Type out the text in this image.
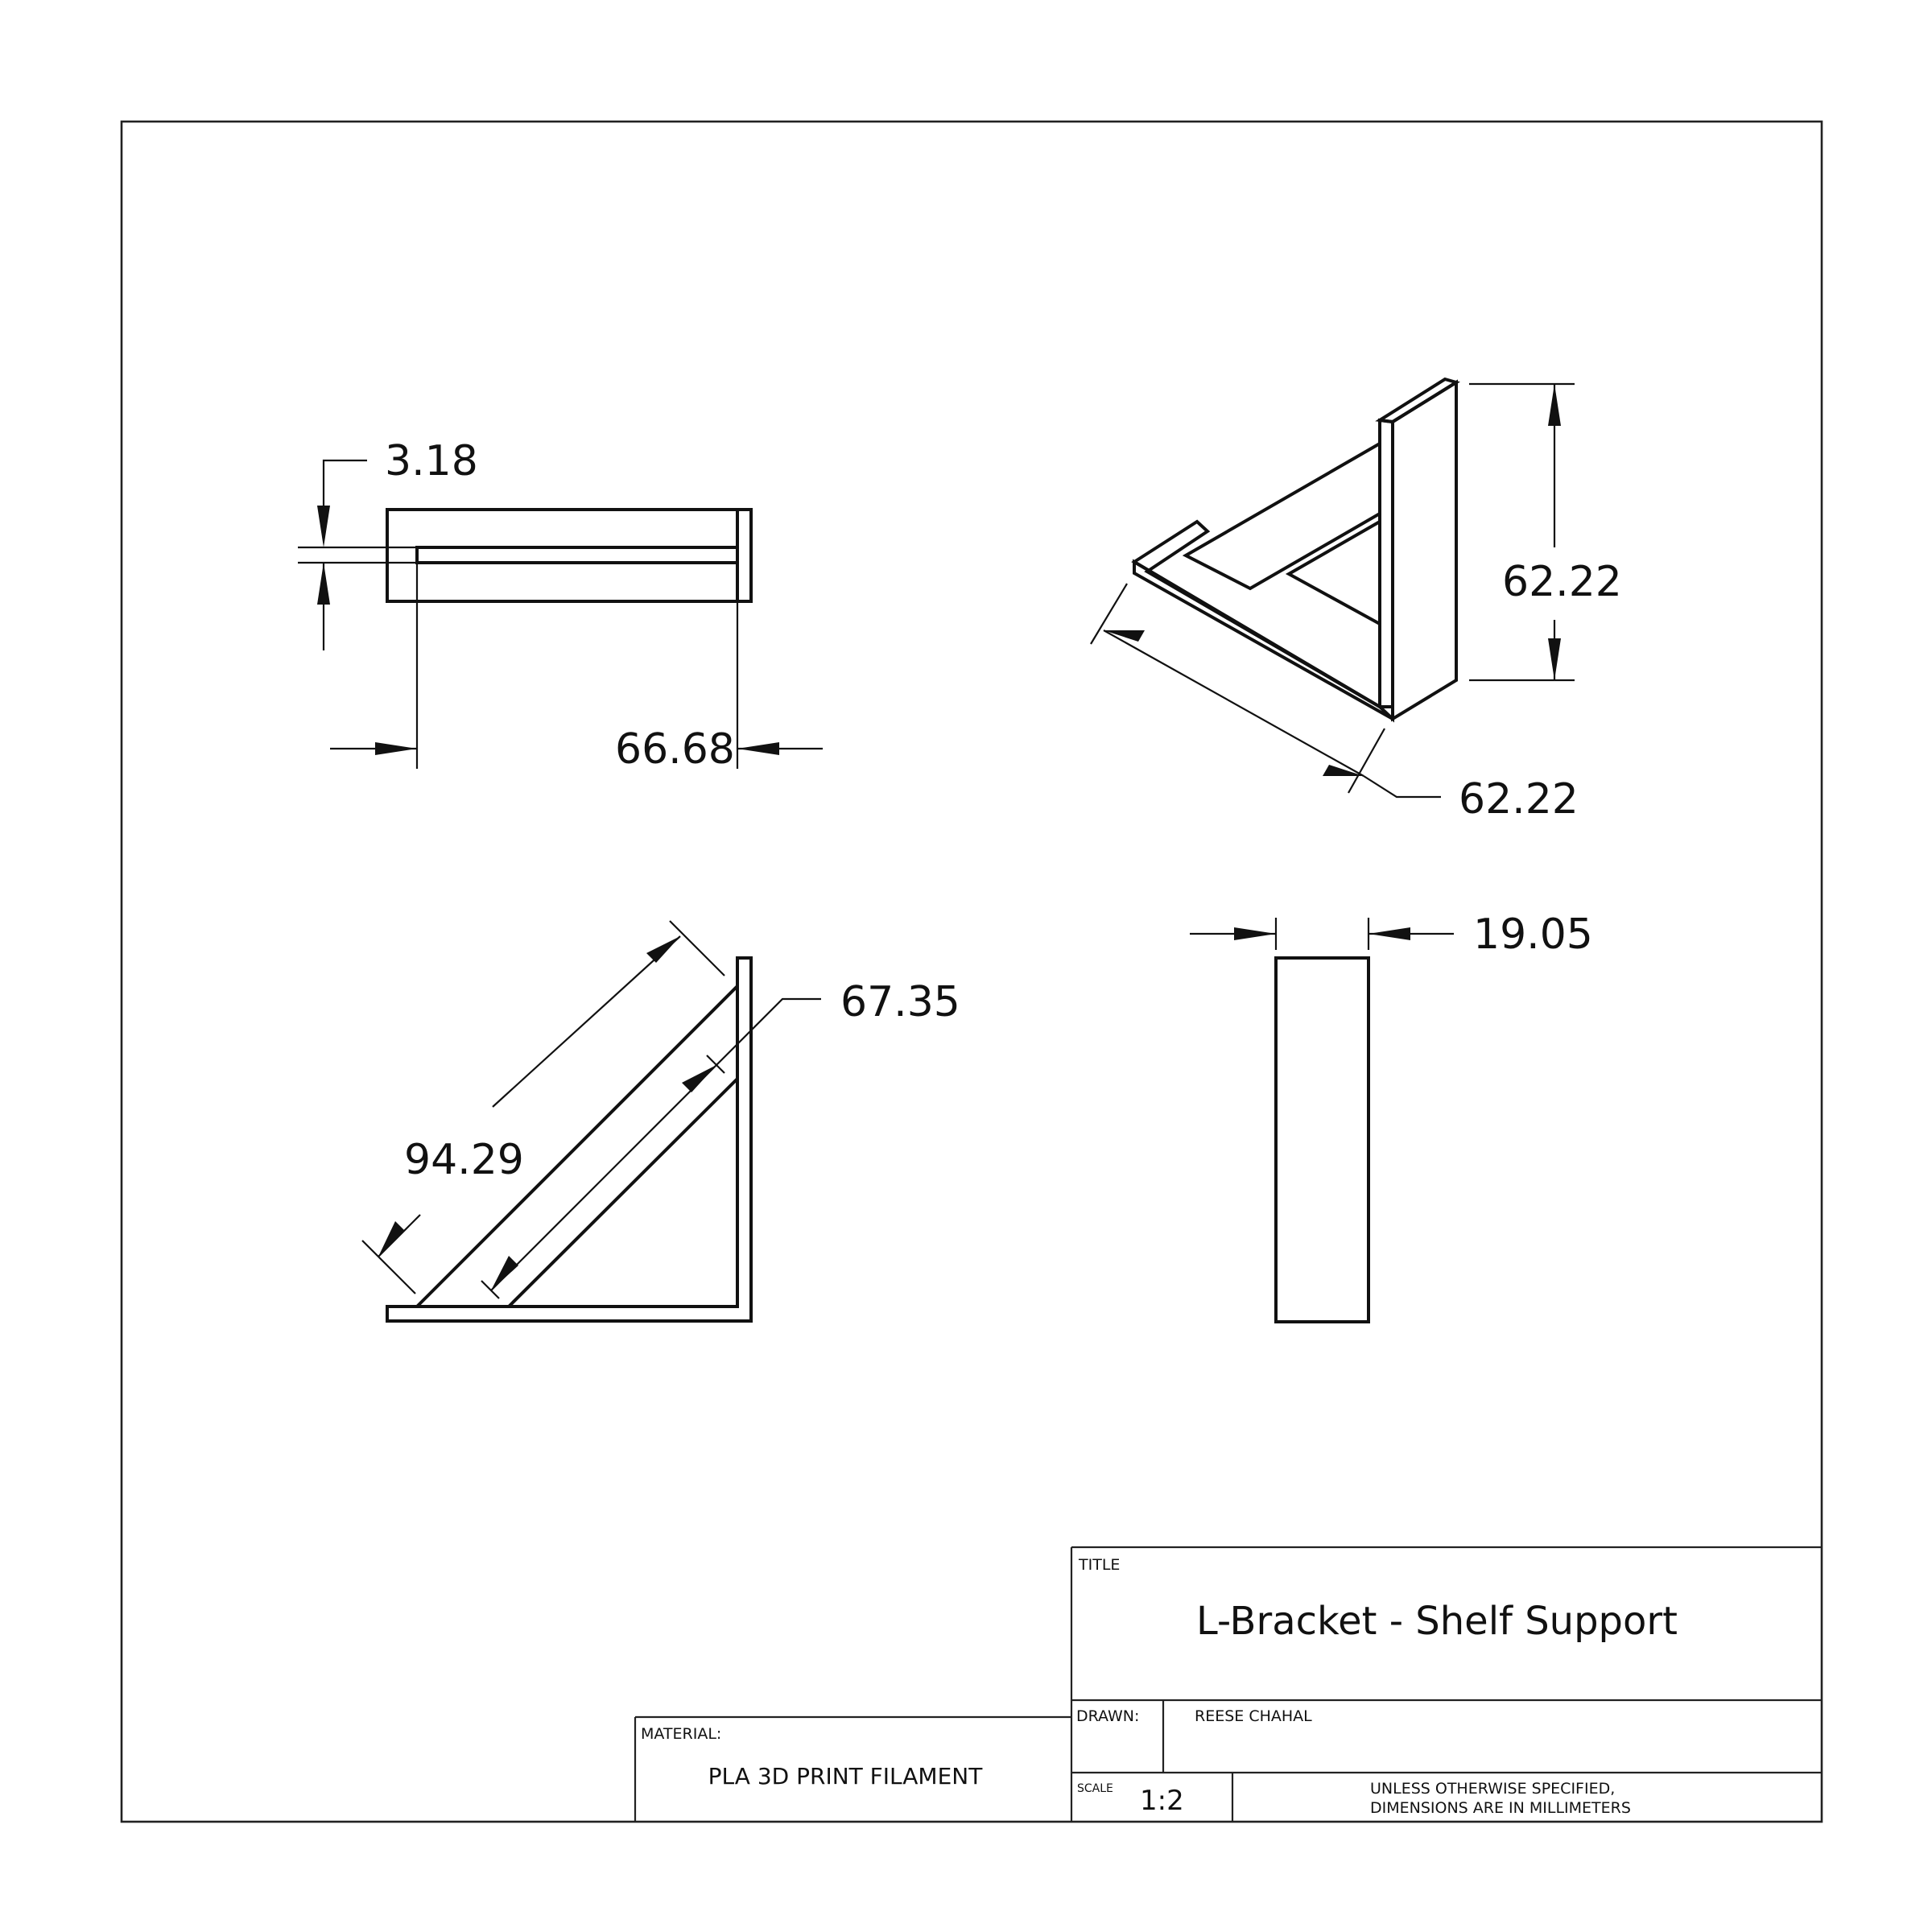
3.18
66.68
62.22
62.22
94.29
67.35
19.05
TITLE
L-Bracket - Shelf Support
DRAWN:	REESE CHAHAL
MATERIAL:
PLA 3D PRINT FILAMENT	SCALE 1:2	UNLESS OTHERWISE SPECIFIED,
DIMENSIONS ARE IN MILLIMETERS
